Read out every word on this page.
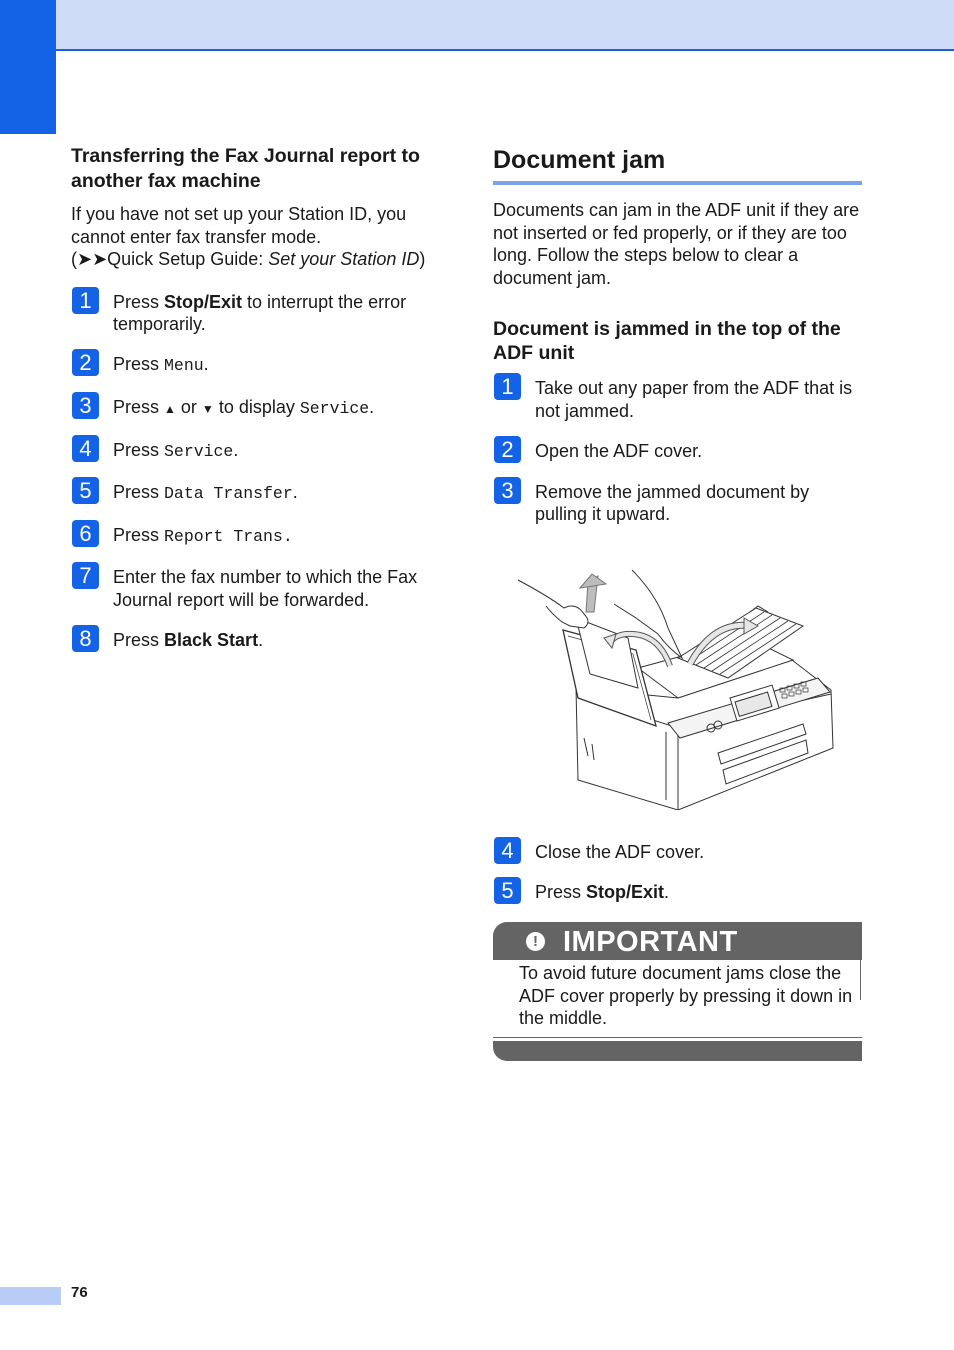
Transferring the Fax Journal report to another fax machine

If you have not set up your Station ID, you cannot enter fax transfer mode.
(➤➤Quick Setup Guide: Set your Station ID)

1	Press Stop/Exit to interrupt the error temporarily.
2	Press Menu.
3	Press ▲ or ▼ to display Service.
4	Press Service.
5	Press Data Transfer.
6	Press Report Trans.
7	Enter the fax number to which the Fax Journal report will be forwarded.
8	Press Black Start.
Document jam

Documents can jam in the ADF unit if they are not inserted or fed properly, or if they are too long. Follow the steps below to clear a document jam.

Document is jammed in the top of the ADF unit
1	Take out any paper from the ADF that is not jammed.
2	Open the ADF cover.
3	Remove the jammed document by pulling it upward.
4	Close the ADF cover.
5	Press Stop/Exit.
! IMPORTANT

To avoid future document jams close the ADF cover properly by pressing it down in the middle.

76
